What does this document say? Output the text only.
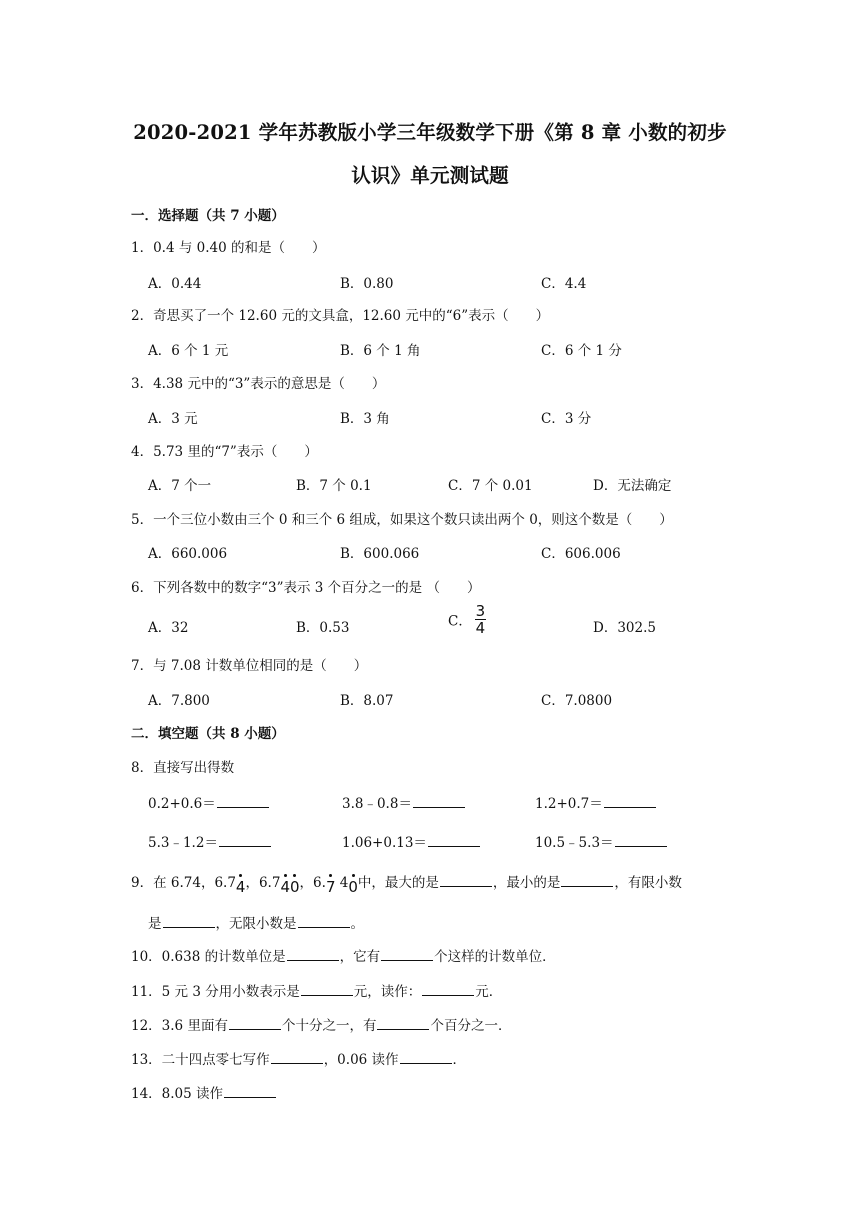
2020-2021 学年苏教版小学三年级数学下册《第 8 章 小数的初步
认识》单元测试题
一．选择题（共 7 小题）
1．0.4 与 0.40 的和是（　　）
A．0.44	B．0.80	C．4.4
2．奇思买了一个 12.60 元的文具盒，12.60 元中的“6”表示（　　）
A．6 个 1 元	B．6 个 1 角	C．6 个 1 分
3．4.38 元中的“3”表示的意思是（　　）
A．3 元	B．3 角	C．3 分
4．5.73 里的“7”表示（　　）
A．7 个一	B．7 个 0.1	C．7 个 0.01	D．无法确定
5．一个三位小数由三个 0 和三个 6 组成，如果这个数只读出两个 0，则这个数是（　　）
A．660.006	B．600.066	C．606.006
6．下列各数中的数字“3”表示 3 个百分之一的是 （　　）
A．32	B．0.53	C． $\frac{3}{4}$	D．302.5
7．与 7.08 计数单位相同的是（　　）
A．7.800	B．8.07	C．7.0800
二．填空题（共 8 小题）
8．直接写出得数
0.2+0.6＝	3.8﹣0.8＝	1.2+0.7＝
5.3﹣1.2＝	1.06+0.13＝	10.5﹣5.3＝
9．在 6.74，6.74，6.740，6.7 40中，最大的是	，最小的是	，有限小数
是	，无限小数是	。
10．0.638 的计数单位是	，它有	个这样的计数单位．
11．5 元 3 分用小数表示是	元，读作：	元．
12．3.6 里面有	个十分之一，有	个百分之一．
13．二十四点零七写作	，0.06 读作	．
14．8.05 读作
